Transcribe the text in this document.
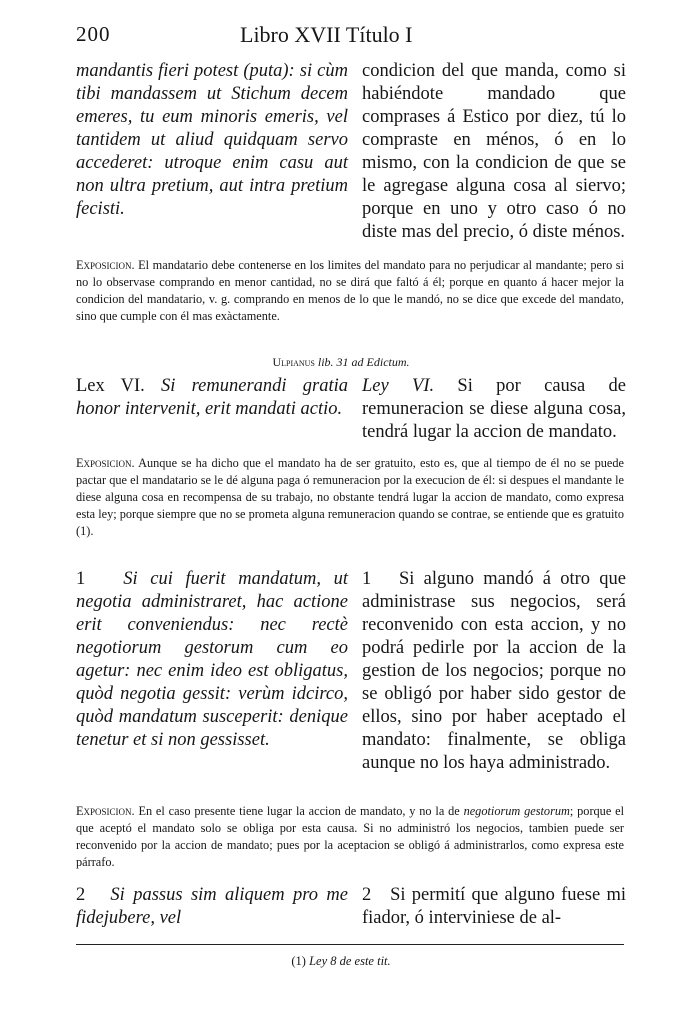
200	Libro XVII Título I

mandantis fieri potest (puta): si cùm tibi mandassem ut Stichum decem emeres, tu eum minoris emeris, vel tantidem ut aliud quidquam servo accederet: utroque enim casu aut non ultra pretium, aut intra pretium fecisti.

condicion del que manda, como si habiéndote mandado que comprases á Estico por diez, tú lo compraste en ménos, ó en lo mismo, con la condicion de que se le agregase alguna cosa al siervo; porque en uno y otro caso ó no diste mas del precio, ó diste ménos.

Exposicion. El mandatario debe contenerse en los limites del mandato para no perjudicar al mandante; pero si no lo observase comprando en menor cantidad, no se dirá que faltó á él; porque en quanto á hacer mejor la condicion del mandatario, v. g. comprando en menos de lo que le mandó, no se dice que excede del mandato, sino que cumple con él mas exàctamente.

Ulpianus lib. 31 ad Edictum.

Lex VI. Si remunerandi gratia honor intervenit, erit mandati actio.

Ley VI. Si por causa de remuneracion se diese alguna cosa, tendrá lugar la accion de mandato.

Exposicion. Aunque se ha dicho que el mandato ha de ser gratuito, esto es, que al tiempo de él no se puede pactar que el mandatario se le dé alguna paga ó remuneracion por la execucion de él: si despues el mandante le diese alguna cosa en recompensa de su trabajo, no obstante tendrá lugar la accion de mandato, como expresa esta ley; porque siempre que no se prometa alguna remuneracion quando se contrae, se entiende que es gratuito (1).

1 Si cui fuerit mandatum, ut negotia administraret, hac actione erit conveniendus: nec rectè negotiorum gestorum cum eo agetur: nec enim ideo est obligatus, quòd negotia gessit: verùm idcirco, quòd mandatum susceperit: denique tenetur et si non gessisset.

1 Si alguno mandó á otro que administrase sus negocios, será reconvenido con esta accion, y no podrá pedirle por la accion de la gestion de los negocios; porque no se obligó por haber sido gestor de ellos, sino por haber aceptado el mandato: finalmente, se obliga aunque no los haya administrado.

Exposicion. En el caso presente tiene lugar la accion de mandato, y no la de negotiorum gestorum; porque el que aceptó el mandato solo se obliga por esta causa. Si no administró los negocios, tambien puede ser reconvenido por la accion de mandato; pues por la aceptacion se obligó á administrarlos, como expresa este párrafo.

2 Si passus sim aliquem pro me fidejubere, vel

2 Si permití que alguno fuese mi fiador, ó interviniese de al-

(1) Ley 8 de este tit.
